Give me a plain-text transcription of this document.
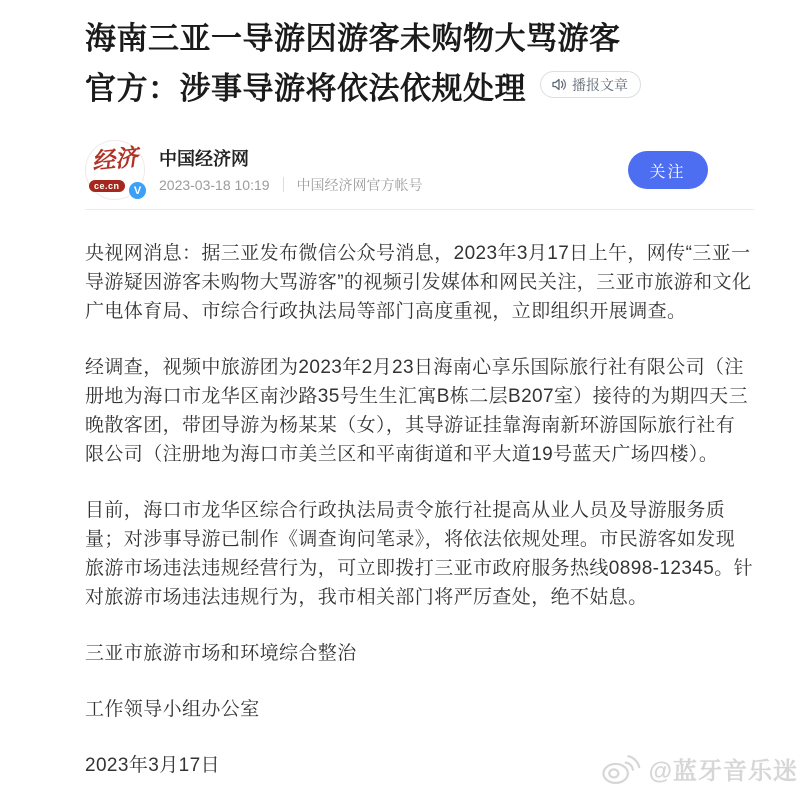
海南三亚一导游因游客未购物大骂游客
官方：涉事导游将依法依规处理	播报文章
经济
ce.cn	V
中国经济网
2023-03-18 10:19 中国经济网官方帐号
关注

央视网消息：据三亚发布微信公众号消息，2023年3月17日上午，网传“三亚一导游疑因游客未购物大骂游客”的视频引发媒体和网民关注，三亚市旅游和文化广电体育局、市综合行政执法局等部门高度重视，立即组织开展调查。

经调查，视频中旅游团为2023年2月23日海南心享乐国际旅行社有限公司（注册地为海口市龙华区南沙路35号生生汇寓B栋二层B207室）接待的为期四天三晚散客团，带团导游为杨某某（女），其导游证挂靠海南新环游国际旅行社有限公司（注册地为海口市美兰区和平南街道和平大道19号蓝天广场四楼）。

目前，海口市龙华区综合行政执法局责令旅行社提高从业人员及导游服务质量；对涉事导游已制作《调查询问笔录》，将依法依规处理。市民游客如发现旅游市场违法违规经营行为，可立即拨打三亚市政府服务热线0898-12345。针对旅游市场违法违规行为，我市相关部门将严厉查处，绝不姑息。

三亚市旅游市场和环境综合整治

工作领导小组办公室

2023年3月17日	@蓝牙音乐迷
